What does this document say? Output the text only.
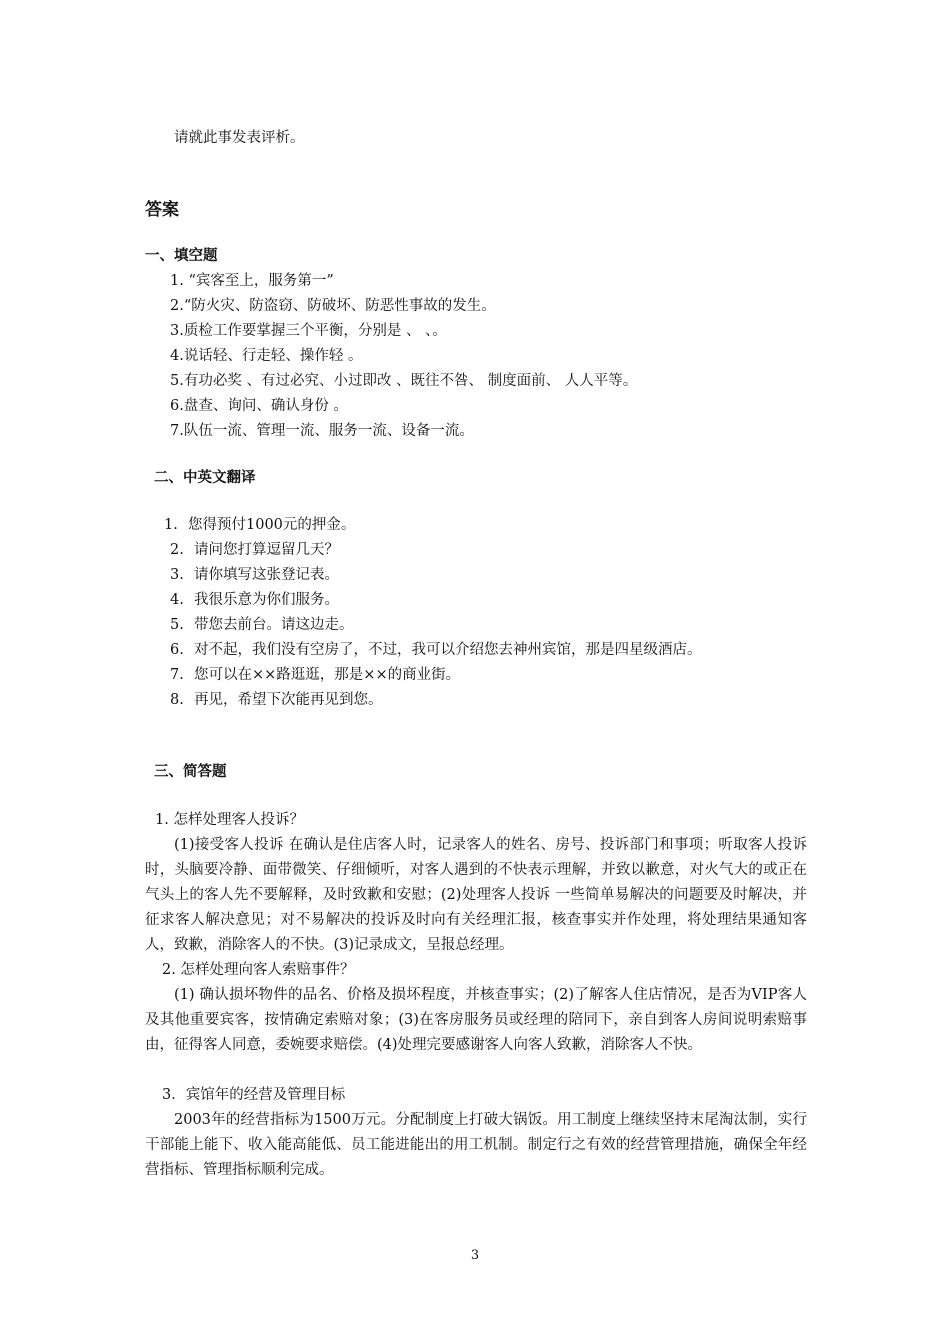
请就此事发表评析。
答案
一、填空题
1. “宾客至上，服务第一”
2.“防火灾、防盗窃、防破坏、防恶性事故的发生。
3.质检工作要掌握三个平衡，分别是 、 、。
4.说话轻、行走轻、操作轻 。
5.有功必奖 、有过必究、小过即改 、既往不咎、 制度面前、 人人平等。
6.盘查、询问、确认身份 。
7.队伍一流、管理一流、服务一流、设备一流。
二、中英文翻译
1. 您得预付1000元的押金。
2. 请问您打算逗留几天？
3. 请你填写这张登记表。
4. 我很乐意为你们服务。
5. 带您去前台。请这边走。
6. 对不起，我们没有空房了，不过，我可以介绍您去神州宾馆，那是四星级酒店。
7. 您可以在××路逛逛，那是××的商业街。
8. 再见，希望下次能再见到您。
三、简答题
1. 怎样处理客人投诉？
(1)接受客人投诉 在确认是住店客人时，记录客人的姓名、房号、投诉部门和事项；听取客人投诉时，头脑要冷静、面带微笑、仔细倾听，对客人遇到的不快表示理解，并致以歉意，对火气大的或正在气头上的客人先不要解释，及时致歉和安慰；(2)处理客人投诉 一些简单易解决的问题要及时解决，并征求客人解决意见；对不易解决的投诉及时向有关经理汇报，核查事实并作处理，将处理结果通知客人，致歉，消除客人的不快。(3)记录成文，呈报总经理。
2. 怎样处理向客人索赔事件？
(1) 确认损坏物件的品名、价格及损坏程度，并核查事实；(2)了解客人住店情况，是否为VIP客人及其他重要宾客，按情确定索赔对象；(3)在客房服务员或经理的陪同下，亲自到客人房间说明索赔事由，征得客人同意，委婉要求赔偿。(4)处理完要感谢客人向客人致歉，消除客人不快。
3．宾馆年的经营及管理目标
2003年的经营指标为1500万元。分配制度上打破大锅饭。用工制度上继续坚持末尾淘汰制，实行干部能上能下、收入能高能低、员工能进能出的用工机制。制定行之有效的经营管理措施，确保全年经营指标、管理指标顺利完成。
3
